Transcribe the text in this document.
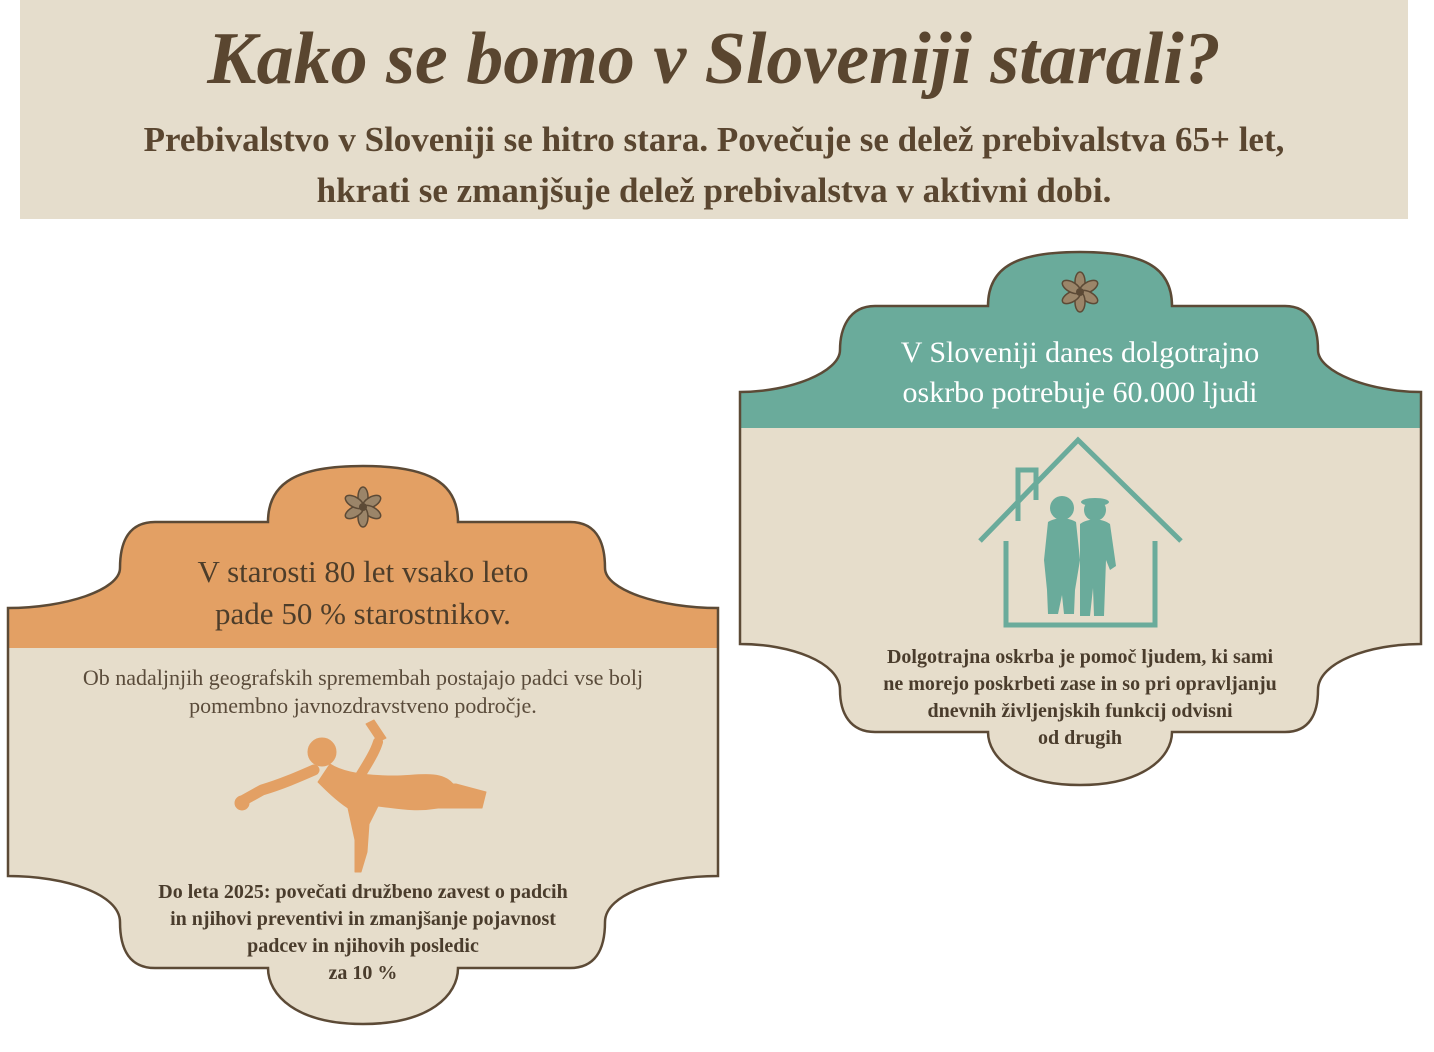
Kako se bomo v Sloveniji starali?
Prebivalstvo v Sloveniji se hitro stara. Povečuje se delež prebivalstva 65+ let,
hkrati se zmanjšuje delež prebivalstva v aktivni dobi.
V starosti 80 let vsako leto
pade 50 % starostnikov.
Ob nadaljnjih geografskih spremembah postajajo padci vse bolj
pomembno javnozdravstveno področje.
Do leta 2025: povečati družbeno zavest o padcih
in njihovi preventivi in zmanjšanje pojavnost
padcev in njihovih posledic
za 10 %
V Sloveniji danes dolgotrajno
oskrbo potrebuje 60.000 ljudi
Dolgotrajna oskrba je pomoč ljudem, ki sami
ne morejo poskrbeti zase in so pri opravljanju
dnevnih življenjskih funkcij odvisni
od drugih
